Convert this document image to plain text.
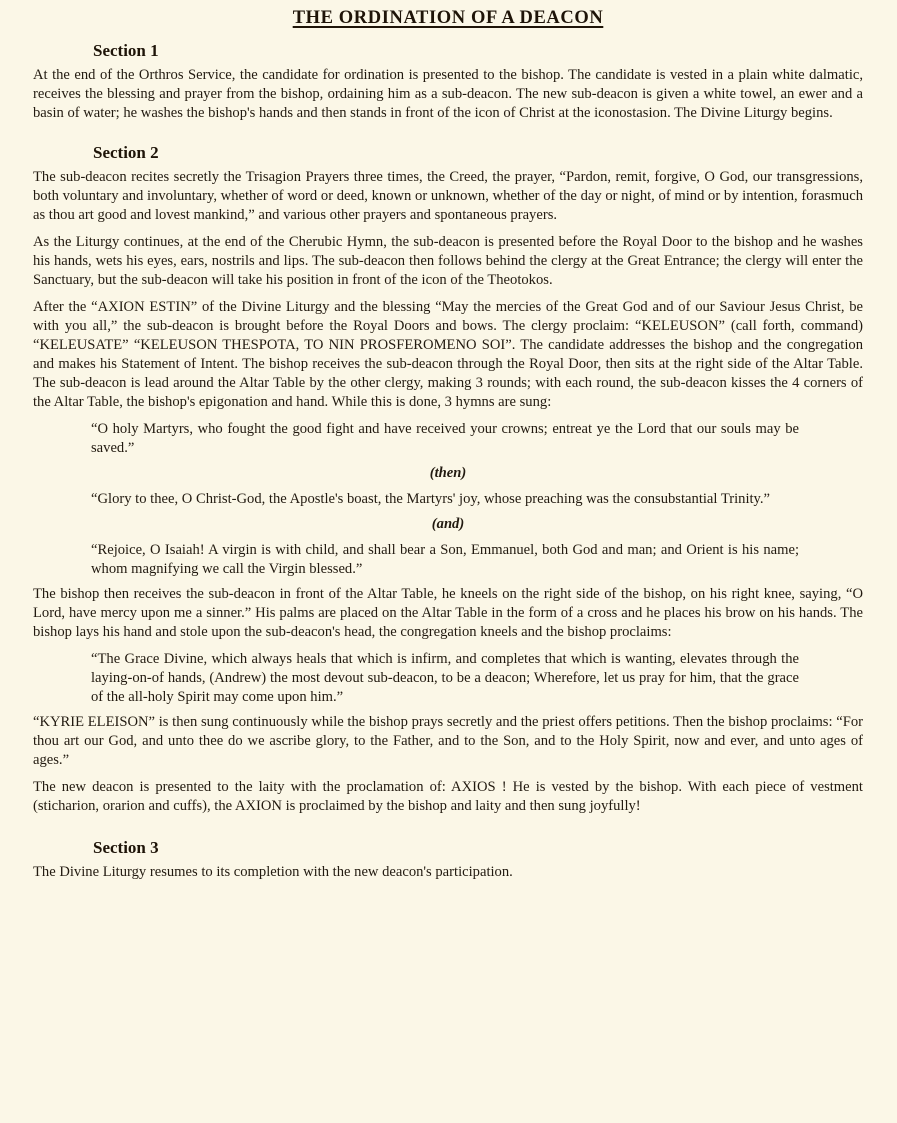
THE ORDINATION OF A DEACON
Section 1

At the end of the Orthros Service, the candidate for ordination is presented to the bishop. The candidate is vested in a plain white dalmatic, receives the blessing and prayer from the bishop, ordaining him as a sub-deacon. The new sub-deacon is given a white towel, an ewer and a basin of water; he washes the bishop's hands and then stands in front of the icon of Christ at the iconostasion. The Divine Liturgy begins.

Section 2

The sub-deacon recites secretly the Trisagion Prayers three times, the Creed, the prayer, “Pardon, remit, forgive, O God, our transgressions, both voluntary and involuntary, whether of word or deed, known or unknown, whether of the day or night, of mind or by intention, forasmuch as thou art good and lovest mankind,” and various other prayers and spontaneous prayers.

As the Liturgy continues, at the end of the Cherubic Hymn, the sub-deacon is presented before the Royal Door to the bishop and he washes his hands, wets his eyes, ears, nostrils and lips. The sub-deacon then follows behind the clergy at the Great Entrance; the clergy will enter the Sanctuary, but the sub-deacon will take his position in front of the icon of the Theotokos.

After the “AXION ESTIN” of the Divine Liturgy and the blessing “May the mercies of the Great God and of our Saviour Jesus Christ, be with you all,” the sub-deacon is brought before the Royal Doors and bows. The clergy proclaim: “KELEUSON” (call forth, command) “KELEUSATE” “KELEUSON THESPOTA, TO NIN PROSFEROMENO SOI”. The candidate addresses the bishop and the congregation and makes his Statement of Intent. The bishop receives the sub-deacon through the Royal Door, then sits at the right side of the Altar Table. The sub-deacon is lead around the Altar Table by the other clergy, making 3 rounds; with each round, the sub-deacon kisses the 4 corners of the Altar Table, the bishop's epigonation and hand. While this is done, 3 hymns are sung:

“O holy Martyrs, who fought the good fight and have received your crowns; entreat ye the Lord that our souls may be saved.”

(then)

“Glory to thee, O Christ-God, the Apostle's boast, the Martyrs' joy, whose preaching was the consubstantial Trinity.”

(and)

“Rejoice, O Isaiah! A virgin is with child, and shall bear a Son, Emmanuel, both God and man; and Orient is his name; whom magnifying we call the Virgin blessed.”

The bishop then receives the sub-deacon in front of the Altar Table, he kneels on the right side of the bishop, on his right knee, saying, “O Lord, have mercy upon me a sinner.” His palms are placed on the Altar Table in the form of a cross and he places his brow on his hands. The bishop lays his hand and stole upon the sub-deacon's head, the congregation kneels and the bishop proclaims:

“The Grace Divine, which always heals that which is infirm, and completes that which is wanting, elevates through the laying-on-of hands, (Andrew) the most devout sub-deacon, to be a deacon; Wherefore, let us pray for him, that the grace of the all-holy Spirit may come upon him.”

“KYRIE ELEISON” is then sung continuously while the bishop prays secretly and the priest offers petitions. Then the bishop proclaims: “For thou art our God, and unto thee do we ascribe glory, to the Father, and to the Son, and to the Holy Spirit, now and ever, and unto ages of ages.”

The new deacon is presented to the laity with the proclamation of: AXIOS ! He is vested by the bishop. With each piece of vestment (sticharion, orarion and cuffs), the AXION is proclaimed by the bishop and laity and then sung joyfully!

Section 3

The Divine Liturgy resumes to its completion with the new deacon's participation.
